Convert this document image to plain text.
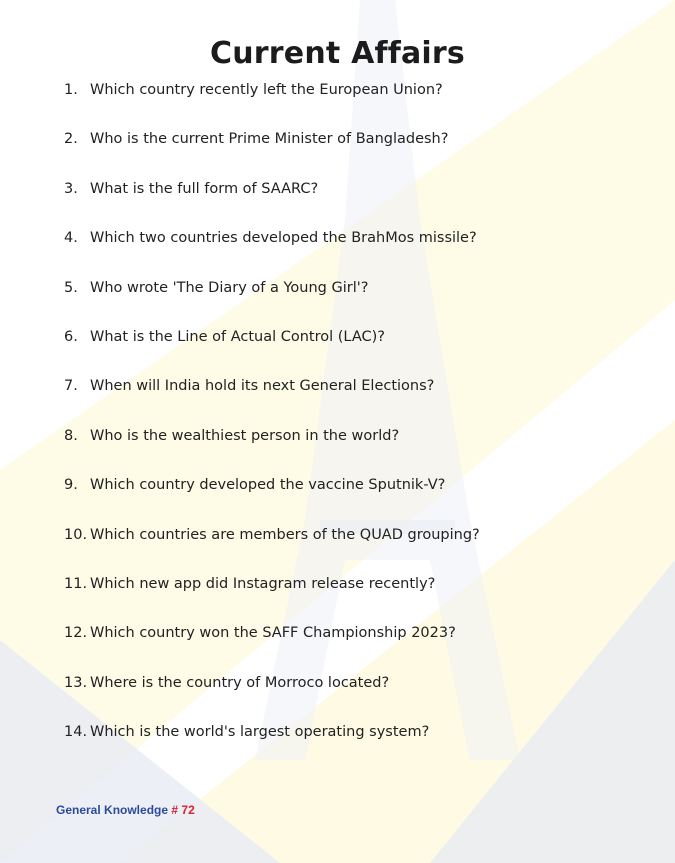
Current Affairs
1. Which country recently left the European Union?
2. Who is the current Prime Minister of Bangladesh?
3. What is the full form of SAARC?
4. Which two countries developed the BrahMos missile?
5. Who wrote 'The Diary of a Young Girl'?
6. What is the Line of Actual Control (LAC)?
7. When will India hold its next General Elections?
8. Who is the wealthiest person in the world?
9. Which country developed the vaccine Sputnik-V?
10. Which countries are members of the QUAD grouping?
11. Which new app did Instagram release recently?
12. Which country won the SAFF Championship 2023?
13. Where is the country of Morroco located?
14. Which is the world's largest operating system?
General Knowledge # 72
